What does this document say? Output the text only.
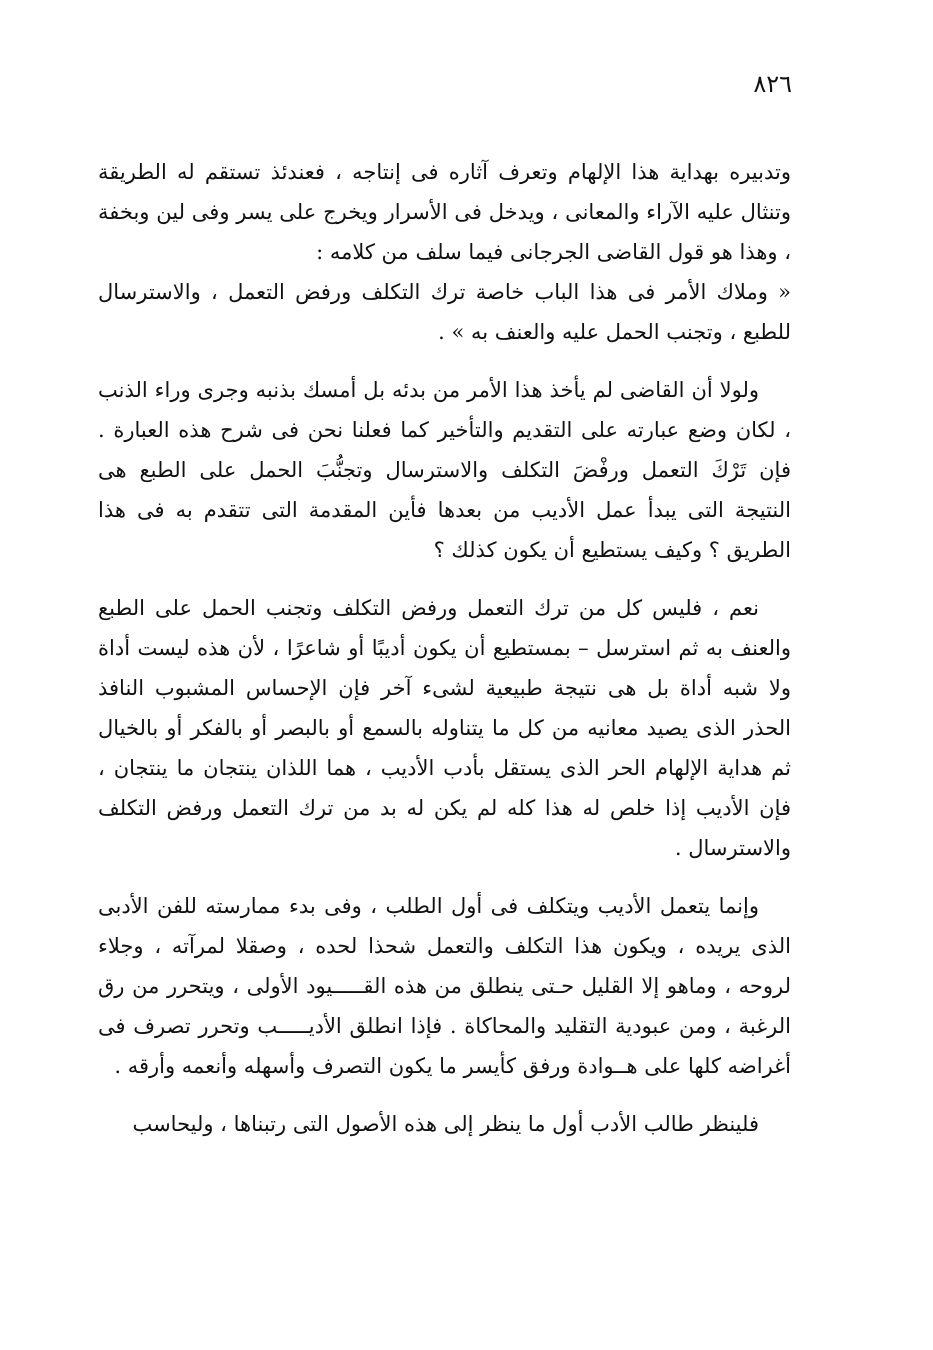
٨٢٦

وتدبيره بهداية هذا الإلهام وتعرف آثاره فى إنتاجه ، فعندئذ تستقم له الطريقة وتنثال عليه الآراء والمعانى ، ويدخل فى الأسرار ويخرج على يسر وفى لين وبخفة ، وهذا هو قول القاضى الجرجانى فيما سلف من كلامه :

« وملاك الأمر فى هذا الباب خاصة ترك التكلف ورفض التعمل ، والاسترسال للطبع ، وتجنب الحمل عليه والعنف به » .

ولولا أن القاضى لم يأخذ هذا الأمر من بدئه بل أمسك بذنبه وجرى وراء الذنب ، لكان وضع عبارته على التقديم والتأخير كما فعلنا نحن فى شرح هذه العبارة . فإن تَرْكَ التعمل ورفْضَ التكلف والاسترسال وتجنُّبَ الحمل على الطبع هى النتيجة التى يبدأ عمل الأديب من بعدها فأين المقدمة التى تتقدم به فى هذا الطريق ؟ وكيف يستطيع أن يكون كذلك ؟

نعم ، فليس كل من ترك التعمل ورفض التكلف وتجنب الحمل على الطبع والعنف به ثم استرسل – بمستطيع أن يكون أديبًا أو شاعرًا ، لأن هذه ليست أداة ولا شبه أداة بل هى نتيجة طبيعية لشىء آخر فإن الإحساس المشبوب النافذ الحذر الذى يصيد معانيه من كل ما يتناوله بالسمع أو بالبصر أو بالفكر أو بالخيال ثم هداية الإلهام الحر الذى يستقل بأدب الأديب ، هما اللذان ينتجان ما ينتجان ، فإن الأديب إذا خلص له هذا كله لم يكن له بد من ترك التعمل ورفض التكلف والاسترسال .

وإنما يتعمل الأديب ويتكلف فى أول الطلب ، وفى بدء ممارسته للفن الأدبى الذى يريده ، ويكون هذا التكلف والتعمل شحذا لحده ، وصقلا لمرآته ، وجلاء لروحه ، وماهو إلا القليل حـتى ينطلق من هذه القـــــيود الأولى ، ويتحرر من رق الرغبة ، ومن عبودية التقليد والمحاكاة . فإذا انطلق الأديـــــب وتحرر تصرف فى أغراضه كلها على هــوادة ورفق كأيسر ما يكون التصرف وأسهله وأنعمه وأرقه .

فلينظر طالب الأدب أول ما ينظر إلى هذه الأصول التى رتبناها ، وليحاسب
